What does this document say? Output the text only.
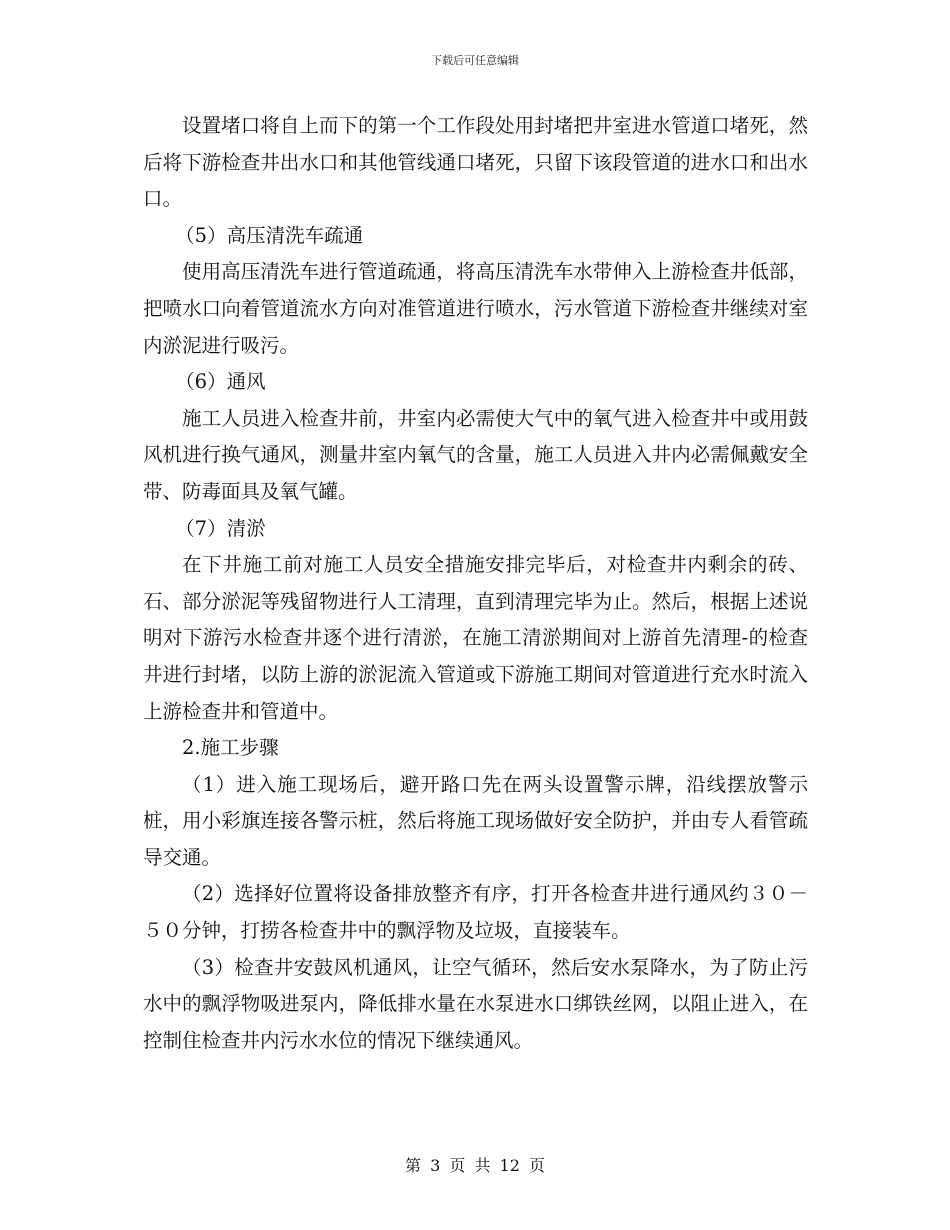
下载后可任意编辑

设置堵口将自上而下的第一个工作段处用封堵把井室进水管道口堵死，然后将下游检查井出水口和其他管线通口堵死，只留下该段管道的进水口和出水口。

（5）高压清洗车疏通

使用高压清洗车进行管道疏通，将高压清洗车水带伸入上游检查井低部，把喷水口向着管道流水方向对准管道进行喷水，污水管道下游检查井继续对室内淤泥进行吸污。

（6）通风

施工人员进入检查井前，井室内必需使大气中的氧气进入检查井中或用鼓风机进行换气通风，测量井室内氧气的含量，施工人员进入井内必需佩戴安全带、防毒面具及氧气罐。

（7）清淤

在下井施工前对施工人员安全措施安排完毕后，对检查井内剩余的砖、石、部分淤泥等残留物进行人工清理，直到清理完毕为止。然后，根据上述说明对下游污水检查井逐个进行清淤，在施工清淤期间对上游首先清理-的检查井进行封堵，以防上游的淤泥流入管道或下游施工期间对管道进行充水时流入上游检查井和管道中。

2.施工步骤

（1）进入施工现场后，避开路口先在两头设置警示牌，沿线摆放警示桩，用小彩旗连接各警示桩，然后将施工现场做好安全防护，并由专人看管疏导交通。

（2）选择好位置将设备排放整齐有序，打开各检查井进行通风约３０－５０分钟，打捞各检查井中的飘浮物及垃圾，直接装车。

（3）检查井安鼓风机通风，让空气循环，然后安水泵降水，为了防止污水中的飘浮物吸进泵内，降低排水量在水泵进水口绑铁丝网，以阻止进入，在控制住检查井内污水水位的情况下继续通风。

第 3 页 共 12 页
